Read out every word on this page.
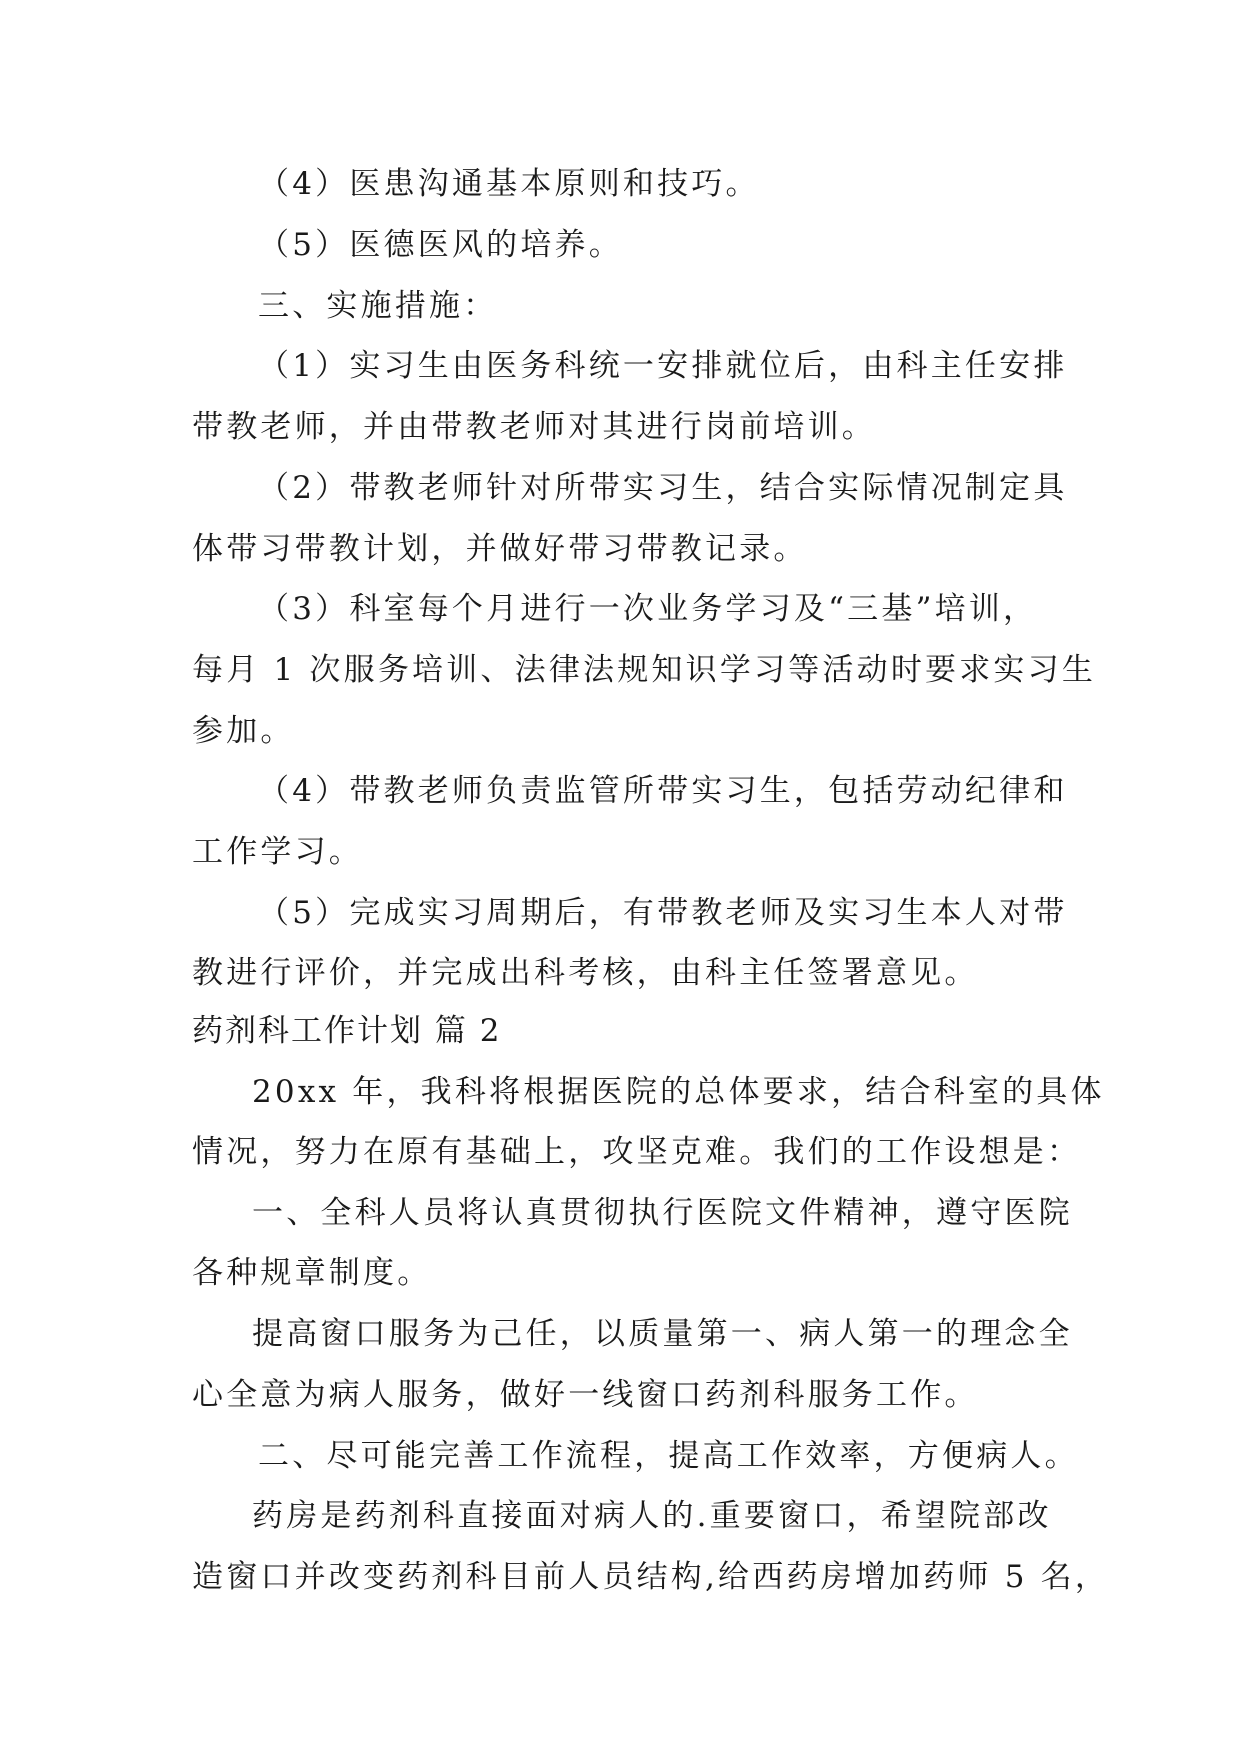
（4）医患沟通基本原则和技巧。
（5）医德医风的培养。
三、实施措施：
（1）实习生由医务科统一安排就位后，由科主任安排
带教老师，并由带教老师对其进行岗前培训。
（2）带教老师针对所带实习生，结合实际情况制定具
体带习带教计划，并做好带习带教记录。
（3）科室每个月进行一次业务学习及“三基”培训，
每月 1 次服务培训、法律法规知识学习等活动时要求实习生
参加。
（4）带教老师负责监管所带实习生，包括劳动纪律和
工作学习。
（5）完成实习周期后，有带教老师及实习生本人对带
教进行评价，并完成出科考核，由科主任签署意见。
药剂科工作计划 篇 2
20xx 年，我科将根据医院的总体要求，结合科室的具体
情况，努力在原有基础上，攻坚克难。我们的工作设想是：
一、全科人员将认真贯彻执行医院文件精神，遵守医院
各种规章制度。
提高窗口服务为己任，以质量第一、病人第一的理念全
心全意为病人服务，做好一线窗口药剂科服务工作。
二、尽可能完善工作流程，提高工作效率，方便病人。
药房是药剂科直接面对病人的.重要窗口，希望院部改
造窗口并改变药剂科目前人员结构,给西药房增加药师 5 名，
